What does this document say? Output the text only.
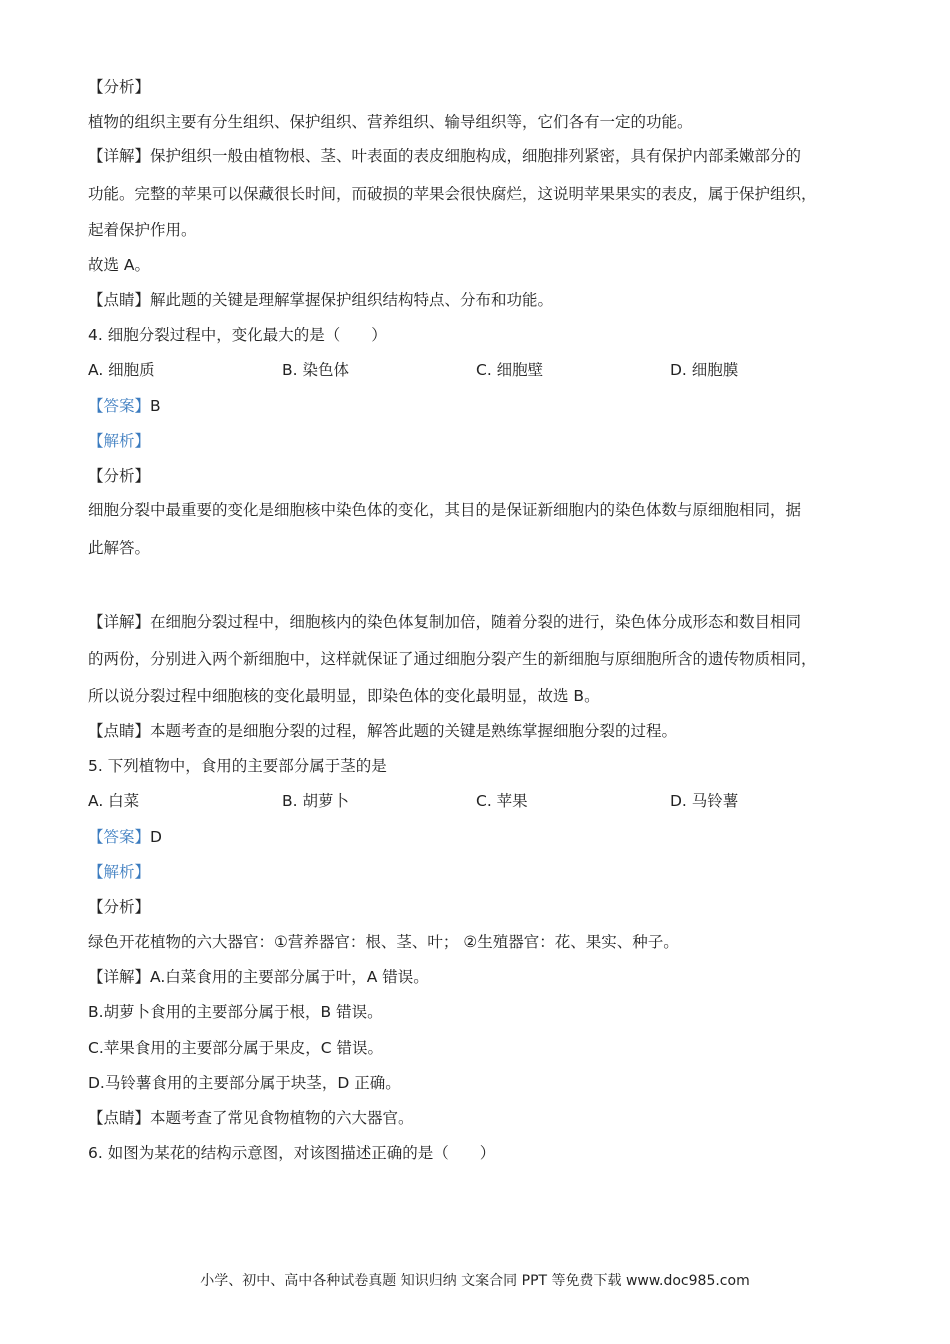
【分析】
植物的组织主要有分生组织、保护组织、营养组织、输导组织等，它们各有一定的功能。
【详解】保护组织一般由植物根、茎、叶表面的表皮细胞构成，细胞排列紧密，具有保护内部柔嫩部分的
功能。完整的苹果可以保藏很长时间，而破损的苹果会很快腐烂，这说明苹果果实的表皮，属于保护组织，
起着保护作用。
故选 A。
【点睛】解此题的关键是理解掌握保护组织结构特点、分布和功能。
4. 细胞分裂过程中，变化最大的是（　　）
A. 细胞质	B. 染色体	C. 细胞壁	D. 细胞膜
【答案】B
【解析】
【分析】
细胞分裂中最重要的变化是细胞核中染色体的变化，其目的是保证新细胞内的染色体数与原细胞相同，据
此解答。
【详解】在细胞分裂过程中，细胞核内的染色体复制加倍，随着分裂的进行，染色体分成形态和数目相同
的两份，分别进入两个新细胞中，这样就保证了通过细胞分裂产生的新细胞与原细胞所含的遗传物质相同，
所以说分裂过程中细胞核的变化最明显，即染色体的变化最明显，故选 B。
【点睛】本题考查的是细胞分裂的过程，解答此题的关键是熟练掌握细胞分裂的过程。
5. 下列植物中，食用的主要部分属于茎的是
A. 白菜	B. 胡萝卜	C. 苹果	D. 马铃薯
【答案】D
【解析】
【分析】
绿色开花植物的六大器官：①营养器官：根、茎、叶； ②生殖器官：花、果实、种子。
【详解】A.白菜食用的主要部分属于叶，A 错误。
B.胡萝卜食用的主要部分属于根，B 错误。
C.苹果食用的主要部分属于果皮，C 错误。
D.马铃薯食用的主要部分属于块茎，D 正确。
【点睛】本题考查了常见食物植物的六大器官。
6. 如图为某花的结构示意图，对该图描述正确的是（　　）
小学、初中、高中各种试卷真题 知识归纳 文案合同 PPT 等免费下载 www.doc985.com
